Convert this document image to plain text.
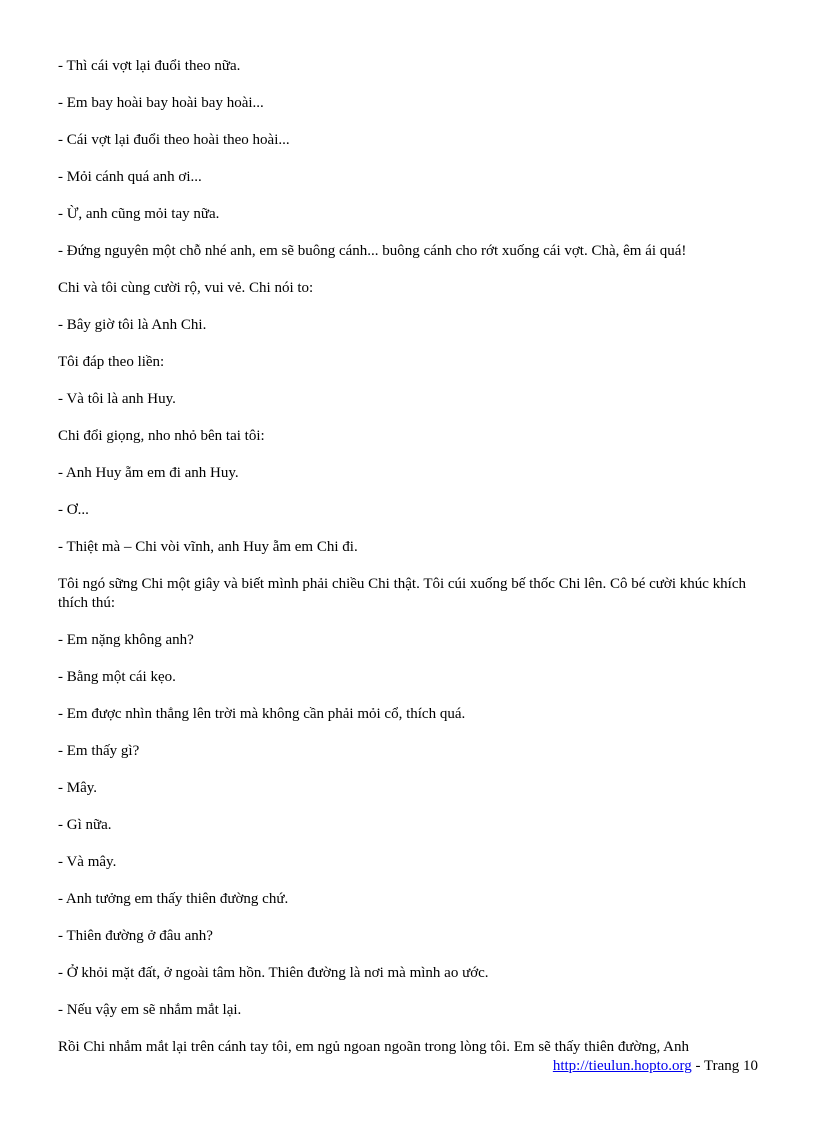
- Thì cái vợt lại đuổi theo nữa.

- Em bay hoài bay hoài bay hoài...

- Cái vợt lại đuổi theo hoài theo hoài...

- Mỏi cánh quá anh ơi...

- Ừ, anh cũng mỏi tay nữa.

- Đứng nguyên một chỗ nhé anh, em sẽ buông cánh... buông cánh cho rớt xuống cái vợt. Chà, êm ái quá!

Chi và tôi cùng cười rộ, vui vẻ. Chi nói to:

- Bây giờ tôi là Anh Chi.

Tôi đáp theo liền:

- Và tôi là anh Huy.

Chi đổi giọng, nho nhỏ bên tai tôi:

- Anh Huy ẵm em đi anh Huy.

- Ơ...

- Thiệt mà – Chi vòi vĩnh, anh Huy ẵm em Chi đi.

Tôi ngó sững Chi một giây và biết mình phải chiều Chi thật. Tôi cúi xuống bế thốc Chi lên. Cô bé cười khúc khích thích thú:

- Em nặng không anh?

- Bằng một cái kẹo.

- Em được nhìn thẳng lên trời mà không cần phải mỏi cổ, thích quá.

- Em thấy gì?

- Mây.

- Gì nữa.

- Và mây.

- Anh tưởng em thấy thiên đường chứ.

- Thiên đường ở đâu anh?

- Ở khỏi mặt đất, ở ngoài tâm hồn. Thiên đường là nơi mà mình ao ước.

- Nếu vậy em sẽ nhắm mắt lại.

Rồi Chi nhắm mắt lại trên cánh tay tôi, em ngủ ngoan ngoãn trong lòng tôi. Em sẽ thấy thiên đường, Anh

http://tieulun.hopto.org - Trang 10
